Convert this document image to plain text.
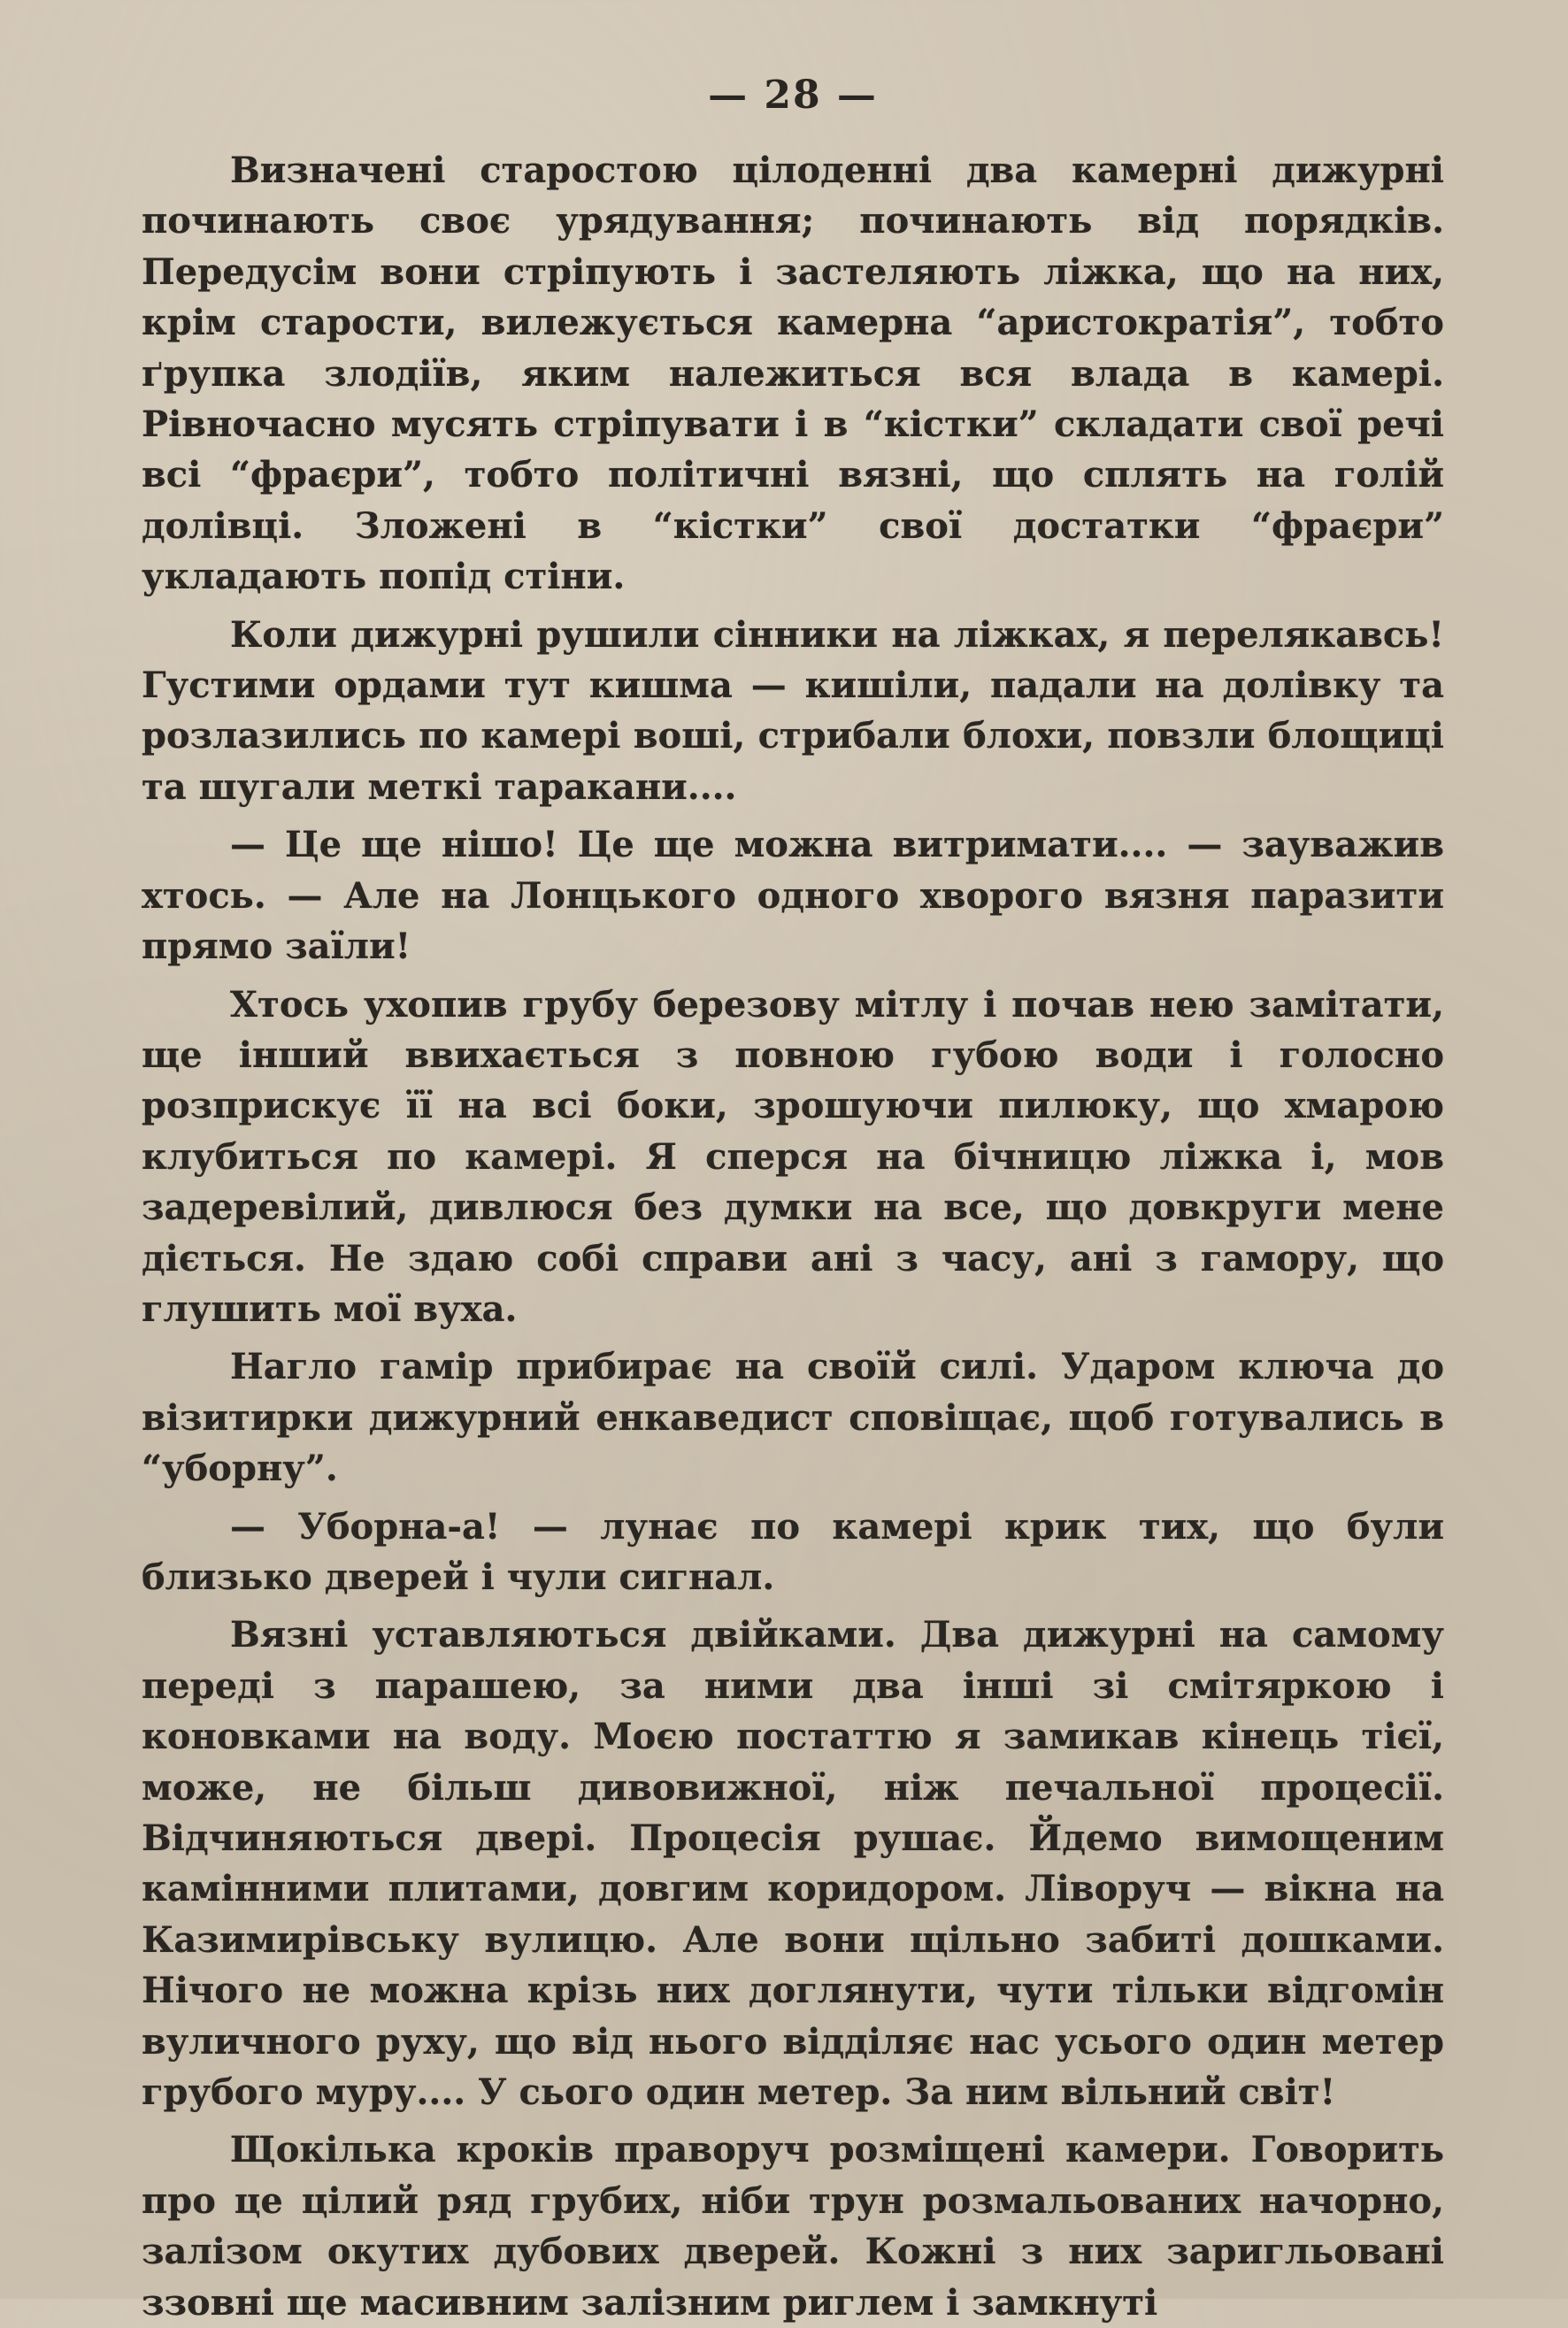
— 28 —

Визначені старостою цілоденні два камерні дижурні починають своє урядування; починають від порядків. Передусім вони стріпують і застеляють ліжка, що на них, крім старости, вилежується камерна “аристократія”, тобто ґрупка злодіїв, яким належиться вся влада в камері. Рівночасно мусять стріпувати і в “кістки” складати свої речі всі “фраєри”, тобто політичні вязні, що сплять на голій долівці. Зложені в “кістки” свої достатки “фраєри” укладають попід стіни.

Коли дижурні рушили сінники на ліжках, я перелякавсь! Густими ордами тут кишма — кишіли, падали на долівку та розлазились по камері воші, стрибали блохи, повзли блощиці та шугали меткі таракани....

— Це ще нішо! Це ще можна витримати.... — зауважив хтось. — Але на Лонцького одного хворого вязня паразити прямо заїли!

Хтось ухопив грубу березову мітлу і почав нею замітати, ще інший ввихається з повною губою води і голосно розприскує її на всі боки, зрошуючи пилюку, що хмарою клубиться по камері. Я сперся на бічницю ліжка і, мов задеревілий, дивлюся без думки на все, що довкруги мене діється. Не здаю собі справи ані з часу, ані з гамору, що глушить мої вуха.

Нагло гамір прибирає на своїй силі. Ударом ключа до візитирки дижурний енкаведист сповіщає, щоб готувались в “уборну”.

— Уборна-а! — лунає по камері крик тих, що були близько дверей і чули сигнал.

Вязні уставляються двійками. Два дижурні на самому переді з парашею, за ними два інші зі смітяркою і коновками на воду. Моєю постаттю я замикав кінець тієї, може, не більш дивовижної, ніж печальної процесії. Відчиняються двері. Процесія рушає. Йдемо вимощеним камінними плитами, довгим коридором. Ліворуч — вікна на Казимирівську вулицю. Але вони щільно забиті дошками. Нічого не можна крізь них доглянути, чути тільки відгомін вуличного руху, що від нього відділяє нас усього один метер грубого муру.... У сього один метер. За ним вільний світ!

Щокілька кроків праворуч розміщені камери. Говорить про це цілий ряд грубих, ніби трун розмальованих начорно, залізом окутих дубових дверей. Кожні з них заригльовані ззовні ще масивним залізним риглем і замкнуті
